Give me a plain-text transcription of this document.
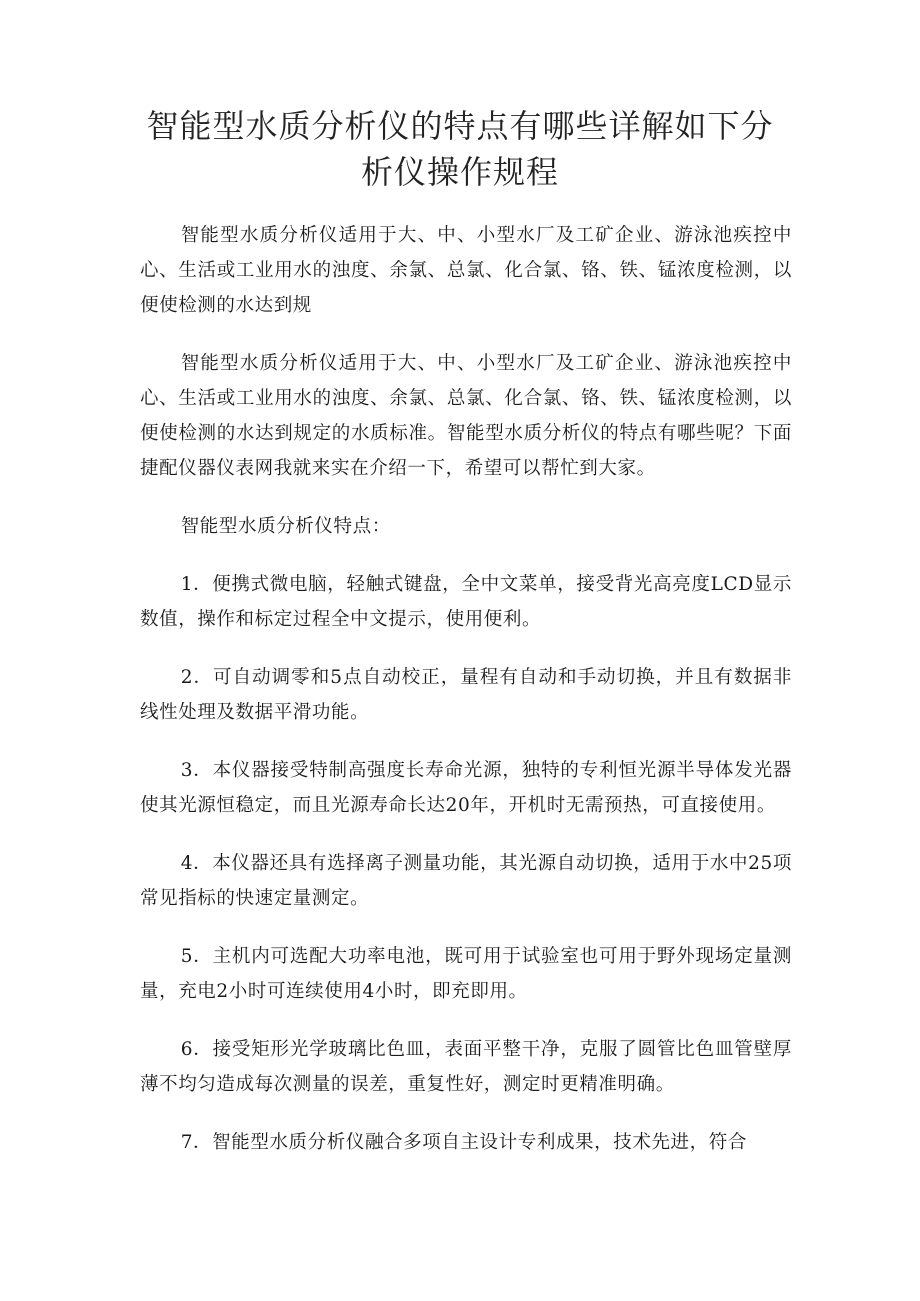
智能型水质分析仪的特点有哪些详解如下分析仪操作规程

智能型水质分析仪适用于大、中、小型水厂及工矿企业、游泳池疾控中心、生活或工业用水的浊度、余氯、总氯、化合氯、铬、铁、锰浓度检测，以便使检测的水达到规

智能型水质分析仪适用于大、中、小型水厂及工矿企业、游泳池疾控中心、生活或工业用水的浊度、余氯、总氯、化合氯、铬、铁、锰浓度检测，以便使检测的水达到规定的水质标准。智能型水质分析仪的特点有哪些呢？下面捷配仪器仪表网我就来实在介绍一下，希望可以帮忙到大家。

智能型水质分析仪特点：

1．便携式微电脑，轻触式键盘，全中文菜单，接受背光高亮度LCD显示数值，操作和标定过程全中文提示，使用便利。

2．可自动调零和5点自动校正，量程有自动和手动切换，并且有数据非线性处理及数据平滑功能。

3．本仪器接受特制高强度长寿命光源，独特的专利恒光源半导体发光器使其光源恒稳定，而且光源寿命长达20年，开机时无需预热，可直接使用。

4．本仪器还具有选择离子测量功能，其光源自动切换，适用于水中25项常见指标的快速定量测定。

5．主机内可选配大功率电池，既可用于试验室也可用于野外现场定量测量，充电2小时可连续使用4小时，即充即用。

6．接受矩形光学玻璃比色皿，表面平整干净，克服了圆管比色皿管壁厚薄不均匀造成每次测量的误差，重复性好，测定时更精准明确。

7．智能型水质分析仪融合多项自主设计专利成果，技术先进，符合
